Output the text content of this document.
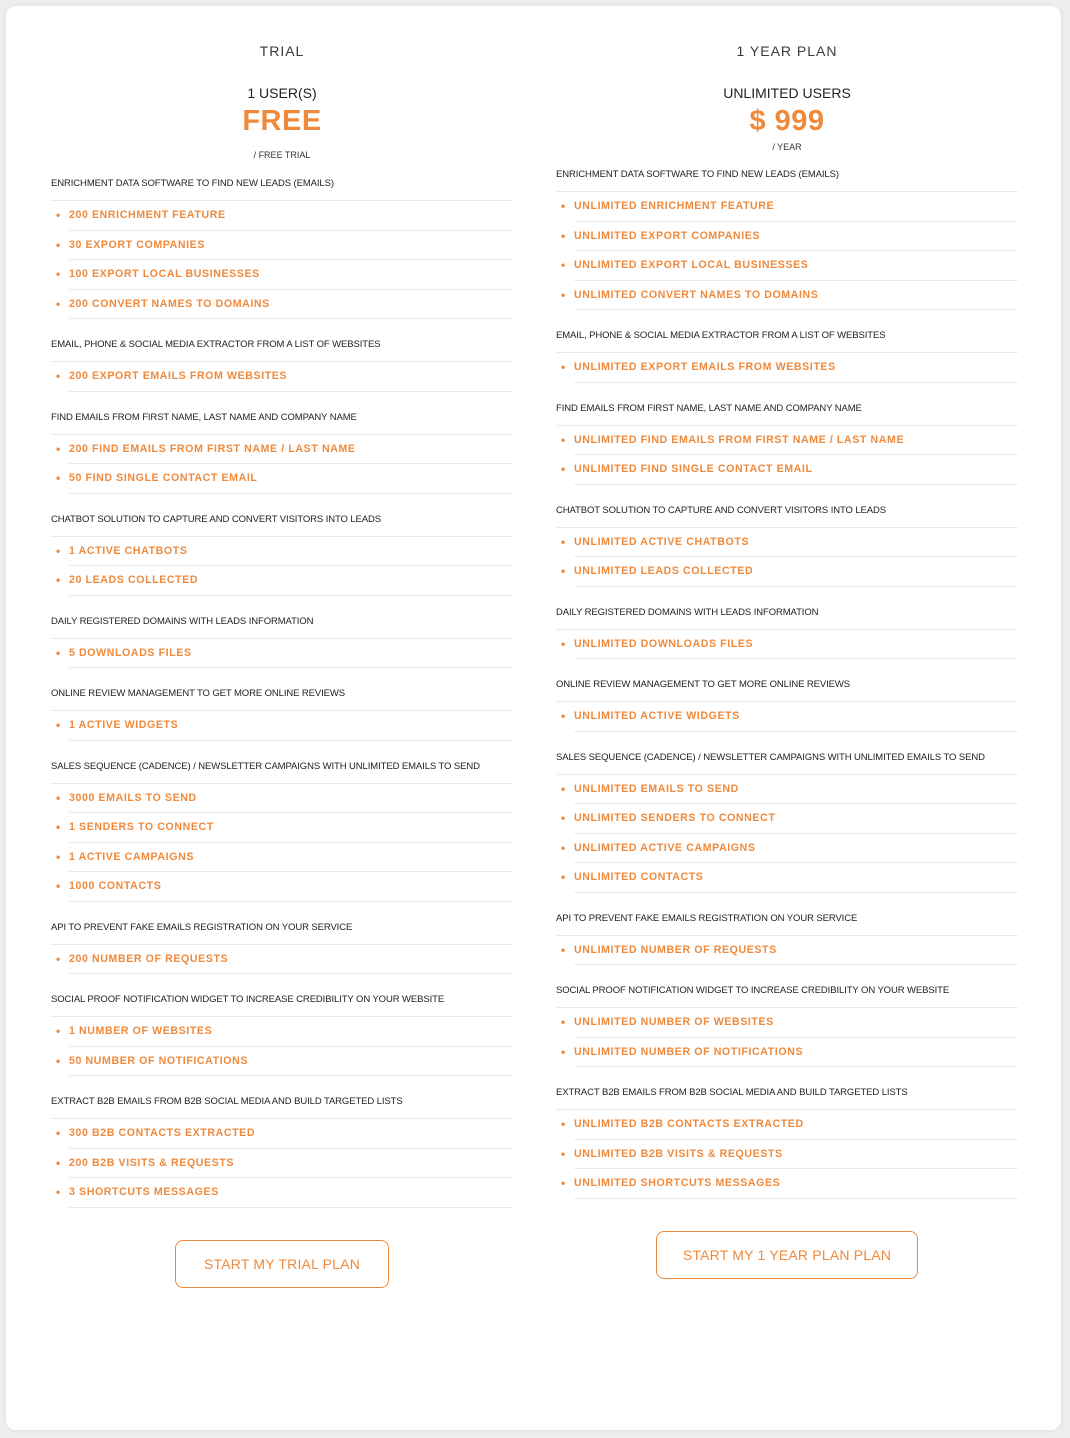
TRIAL
1 USER(S)
FREE
/ FREE TRIAL
ENRICHMENT DATA SOFTWARE TO FIND NEW LEADS (EMAILS)
• 200 ENRICHMENT FEATURE
• 30 EXPORT COMPANIES
• 100 EXPORT LOCAL BUSINESSES
• 200 CONVERT NAMES TO DOMAINS
EMAIL, PHONE & SOCIAL MEDIA EXTRACTOR FROM A LIST OF WEBSITES
• 200 EXPORT EMAILS FROM WEBSITES
FIND EMAILS FROM FIRST NAME, LAST NAME AND COMPANY NAME
• 200 FIND EMAILS FROM FIRST NAME / LAST NAME
• 50 FIND SINGLE CONTACT EMAIL
CHATBOT SOLUTION TO CAPTURE AND CONVERT VISITORS INTO LEADS
• 1 ACTIVE CHATBOTS
• 20 LEADS COLLECTED
DAILY REGISTERED DOMAINS WITH LEADS INFORMATION
• 5 DOWNLOADS FILES
ONLINE REVIEW MANAGEMENT TO GET MORE ONLINE REVIEWS
• 1 ACTIVE WIDGETS
SALES SEQUENCE (CADENCE) / NEWSLETTER CAMPAIGNS WITH UNLIMITED EMAILS TO SEND
• 3000 EMAILS TO SEND
• 1 SENDERS TO CONNECT
• 1 ACTIVE CAMPAIGNS
• 1000 CONTACTS
API TO PREVENT FAKE EMAILS REGISTRATION ON YOUR SERVICE
• 200 NUMBER OF REQUESTS
SOCIAL PROOF NOTIFICATION WIDGET TO INCREASE CREDIBILITY ON YOUR WEBSITE
• 1 NUMBER OF WEBSITES
• 50 NUMBER OF NOTIFICATIONS
EXTRACT B2B EMAILS FROM B2B SOCIAL MEDIA AND BUILD TARGETED LISTS
• 300 B2B CONTACTS EXTRACTED
• 200 B2B VISITS & REQUESTS
• 3 SHORTCUTS MESSAGES
START MY TRIAL PLAN
1 YEAR PLAN
UNLIMITED USERS
$ 999
/ YEAR
ENRICHMENT DATA SOFTWARE TO FIND NEW LEADS (EMAILS)
• UNLIMITED ENRICHMENT FEATURE
• UNLIMITED EXPORT COMPANIES
• UNLIMITED EXPORT LOCAL BUSINESSES
• UNLIMITED CONVERT NAMES TO DOMAINS
EMAIL, PHONE & SOCIAL MEDIA EXTRACTOR FROM A LIST OF WEBSITES
• UNLIMITED EXPORT EMAILS FROM WEBSITES
FIND EMAILS FROM FIRST NAME, LAST NAME AND COMPANY NAME
• UNLIMITED FIND EMAILS FROM FIRST NAME / LAST NAME
• UNLIMITED FIND SINGLE CONTACT EMAIL
CHATBOT SOLUTION TO CAPTURE AND CONVERT VISITORS INTO LEADS
• UNLIMITED ACTIVE CHATBOTS
• UNLIMITED LEADS COLLECTED
DAILY REGISTERED DOMAINS WITH LEADS INFORMATION
• UNLIMITED DOWNLOADS FILES
ONLINE REVIEW MANAGEMENT TO GET MORE ONLINE REVIEWS
• UNLIMITED ACTIVE WIDGETS
SALES SEQUENCE (CADENCE) / NEWSLETTER CAMPAIGNS WITH UNLIMITED EMAILS TO SEND
• UNLIMITED EMAILS TO SEND
• UNLIMITED SENDERS TO CONNECT
• UNLIMITED ACTIVE CAMPAIGNS
• UNLIMITED CONTACTS
API TO PREVENT FAKE EMAILS REGISTRATION ON YOUR SERVICE
• UNLIMITED NUMBER OF REQUESTS
SOCIAL PROOF NOTIFICATION WIDGET TO INCREASE CREDIBILITY ON YOUR WEBSITE
• UNLIMITED NUMBER OF WEBSITES
• UNLIMITED NUMBER OF NOTIFICATIONS
EXTRACT B2B EMAILS FROM B2B SOCIAL MEDIA AND BUILD TARGETED LISTS
• UNLIMITED B2B CONTACTS EXTRACTED
• UNLIMITED B2B VISITS & REQUESTS
• UNLIMITED SHORTCUTS MESSAGES
START MY 1 YEAR PLAN PLAN
